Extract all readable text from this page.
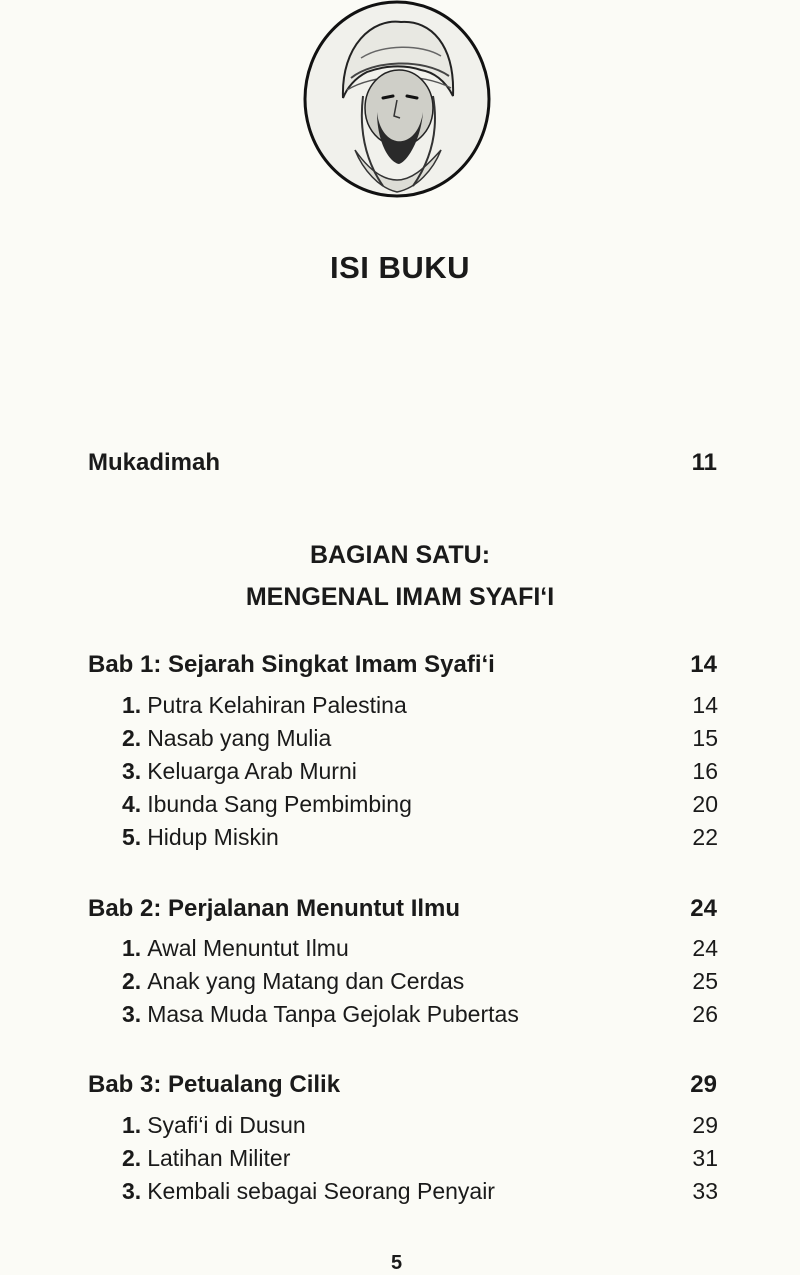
ISI BUKU
Mukadimah	11
BAGIAN SATU:
MENGENAL IMAM SYAFI‘I
Bab 1: Sejarah Singkat Imam Syafi‘i	14
1. Putra Kelahiran Palestina	14
2. Nasab yang Mulia	15
3. Keluarga Arab Murni	16
4. Ibunda Sang Pembimbing	20
5. Hidup Miskin	22
Bab 2: Perjalanan Menuntut Ilmu	24
1. Awal Menuntut Ilmu	24
2. Anak yang Matang dan Cerdas	25
3. Masa Muda Tanpa Gejolak Pubertas	26
Bab 3: Petualang Cilik	29
1. Syafi‘i di Dusun	29
2. Latihan Militer	31
3. Kembali sebagai Seorang Penyair	33
5
